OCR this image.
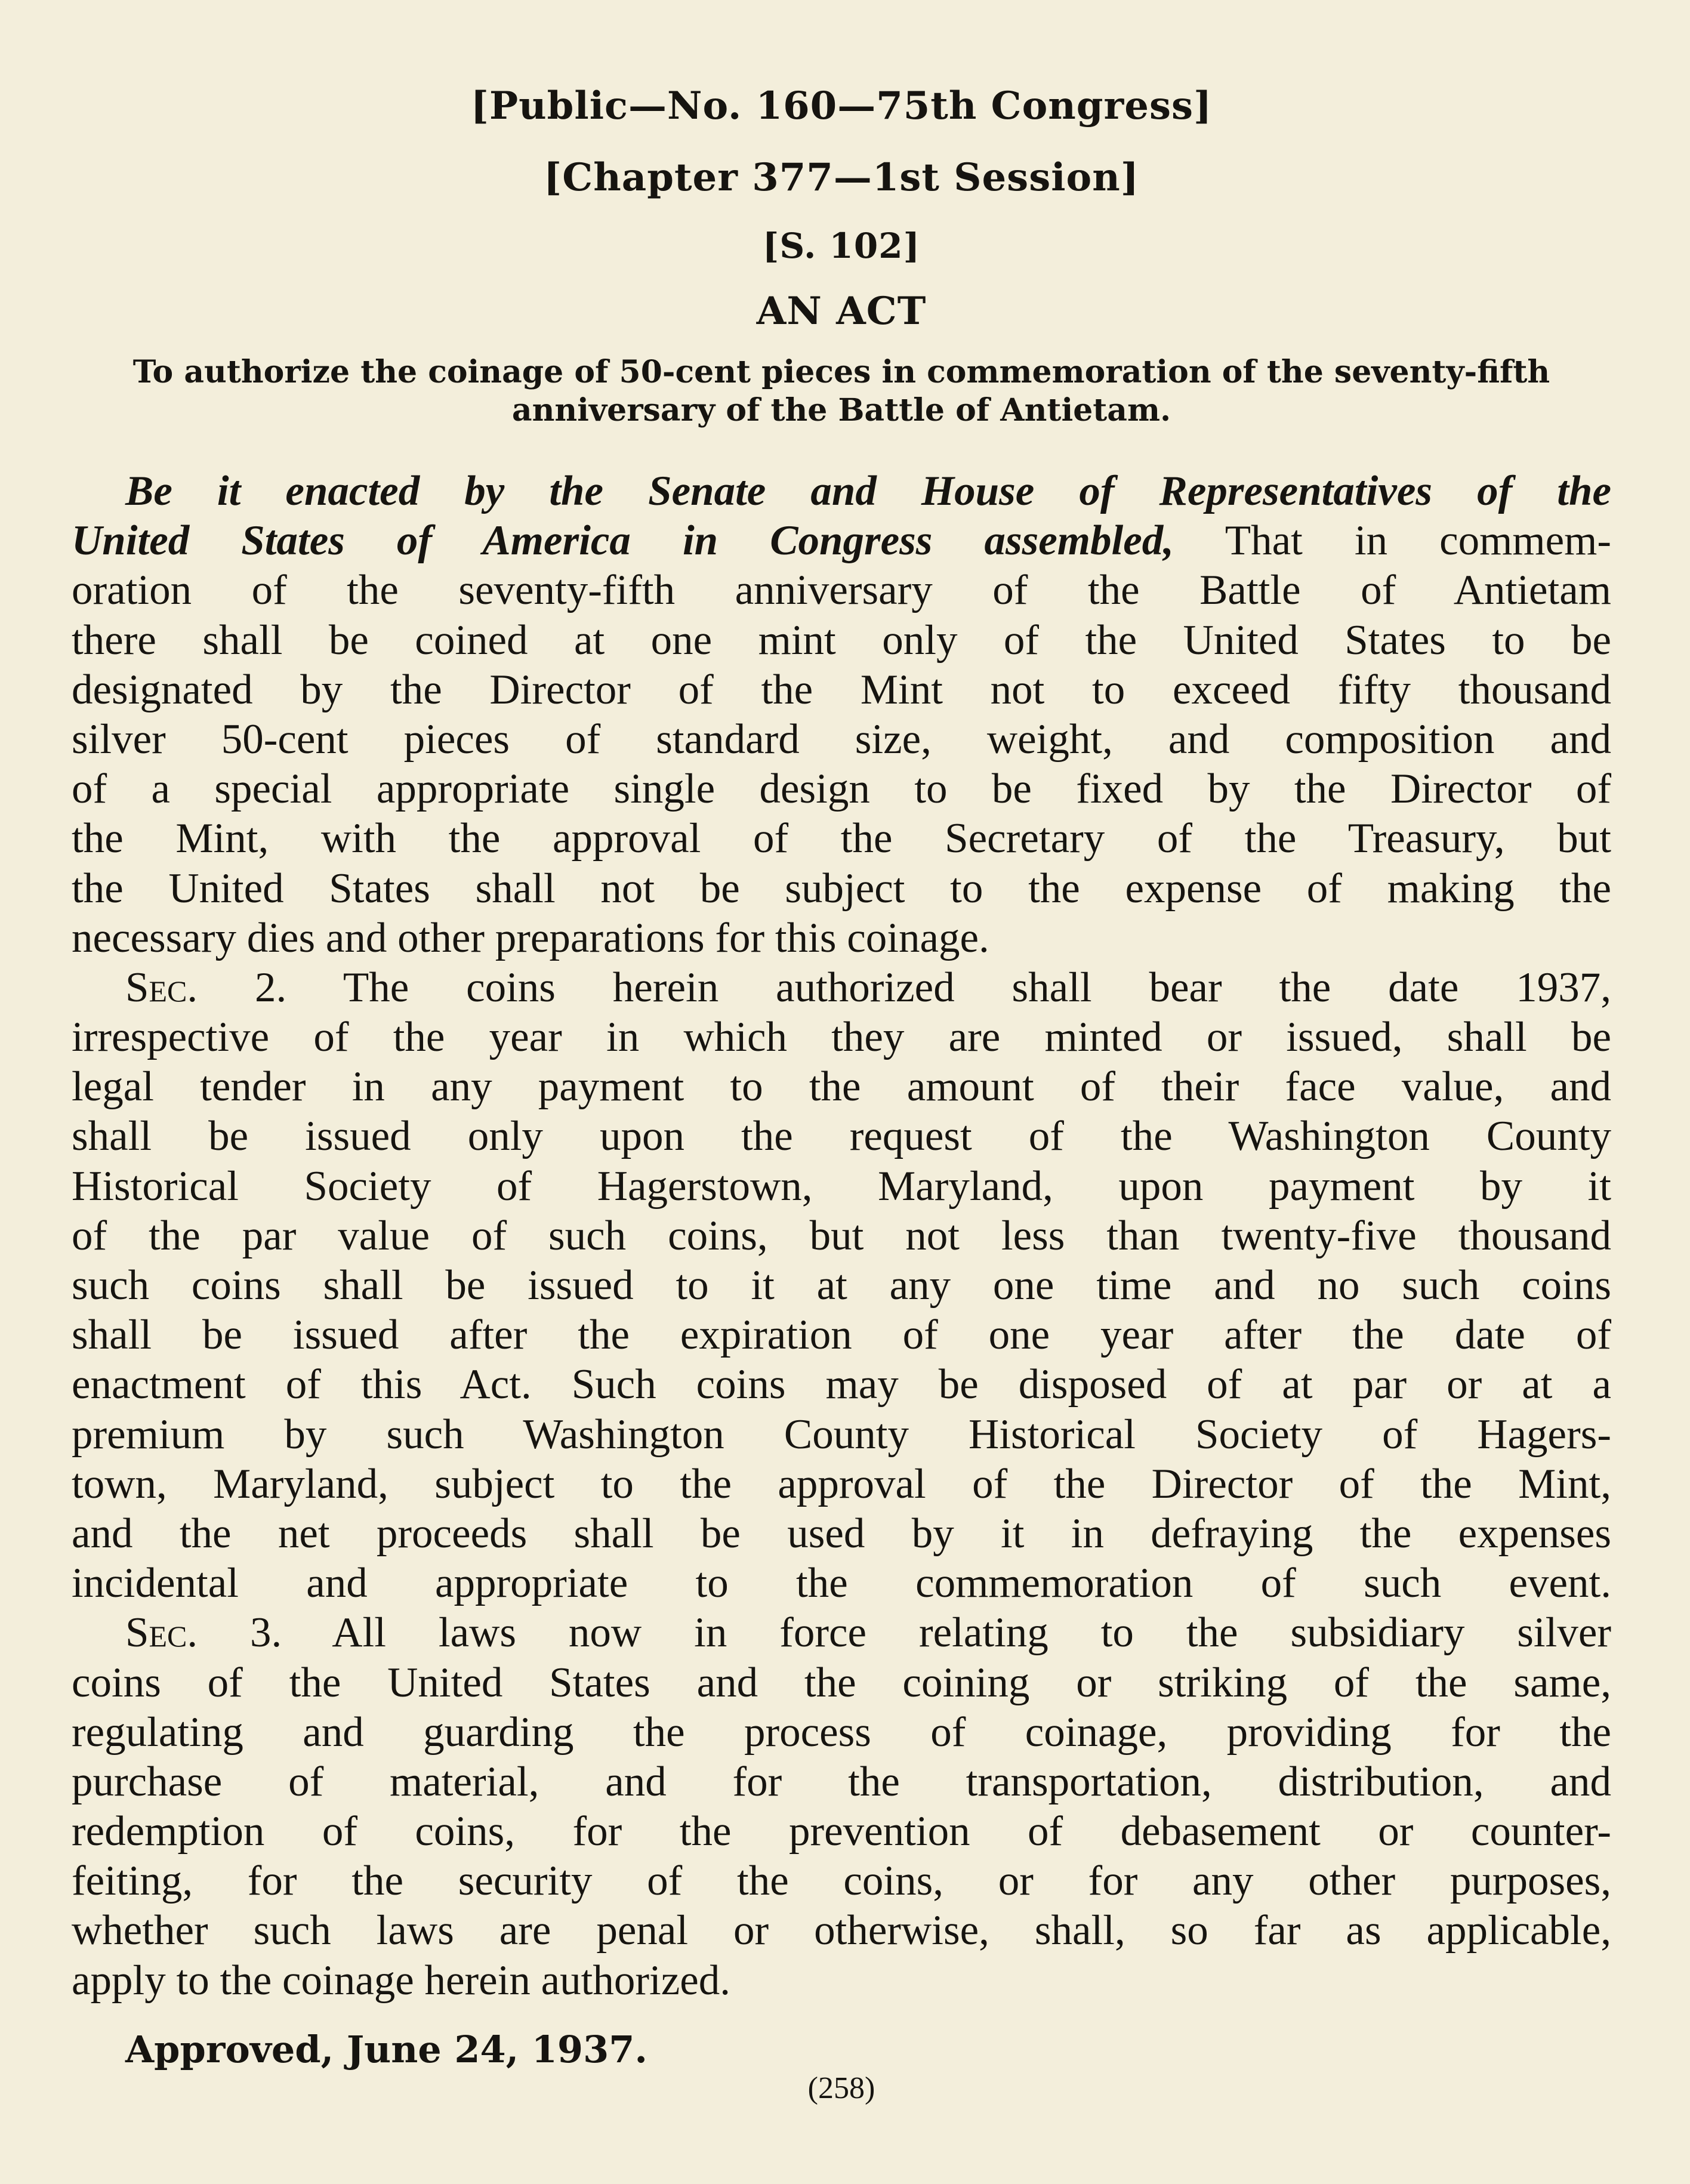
[Public—No. 160—75th Congress]
[Chapter 377—1st Session]
[S. 102]
AN ACT
To authorize the coinage of 50-cent pieces in commemoration of the seventy-fifth
anniversary of the Battle of Antietam.
Be it enacted by the Senate and House of Representatives of the
United States of America in Congress assembled, That in commem-
oration of the seventy-fifth anniversary of the Battle of Antietam
there shall be coined at one mint only of the United States to be
designated by the Director of the Mint not to exceed fifty thousand
silver 50-cent pieces of standard size, weight, and composition and
of a special appropriate single design to be fixed by the Director of
the Mint, with the approval of the Secretary of the Treasury, but
the United States shall not be subject to the expense of making the
necessary dies and other preparations for this coinage.
Sec. 2. The coins herein authorized shall bear the date 1937,
irrespective of the year in which they are minted or issued, shall be
legal tender in any payment to the amount of their face value, and
shall be issued only upon the request of the Washington County
Historical Society of Hagerstown, Maryland, upon payment by it
of the par value of such coins, but not less than twenty-five thousand
such coins shall be issued to it at any one time and no such coins
shall be issued after the expiration of one year after the date of
enactment of this Act. Such coins may be disposed of at par or at a
premium by such Washington County Historical Society of Hagers-
town, Maryland, subject to the approval of the Director of the Mint,
and the net proceeds shall be used by it in defraying the expenses
incidental and appropriate to the commemoration of such event.
Sec. 3. All laws now in force relating to the subsidiary silver
coins of the United States and the coining or striking of the same,
regulating and guarding the process of coinage, providing for the
purchase of material, and for the transportation, distribution, and
redemption of coins, for the prevention of debasement or counter-
feiting, for the security of the coins, or for any other purposes,
whether such laws are penal or otherwise, shall, so far as applicable,
apply to the coinage herein authorized.
Approved, June 24, 1937.
(258)
